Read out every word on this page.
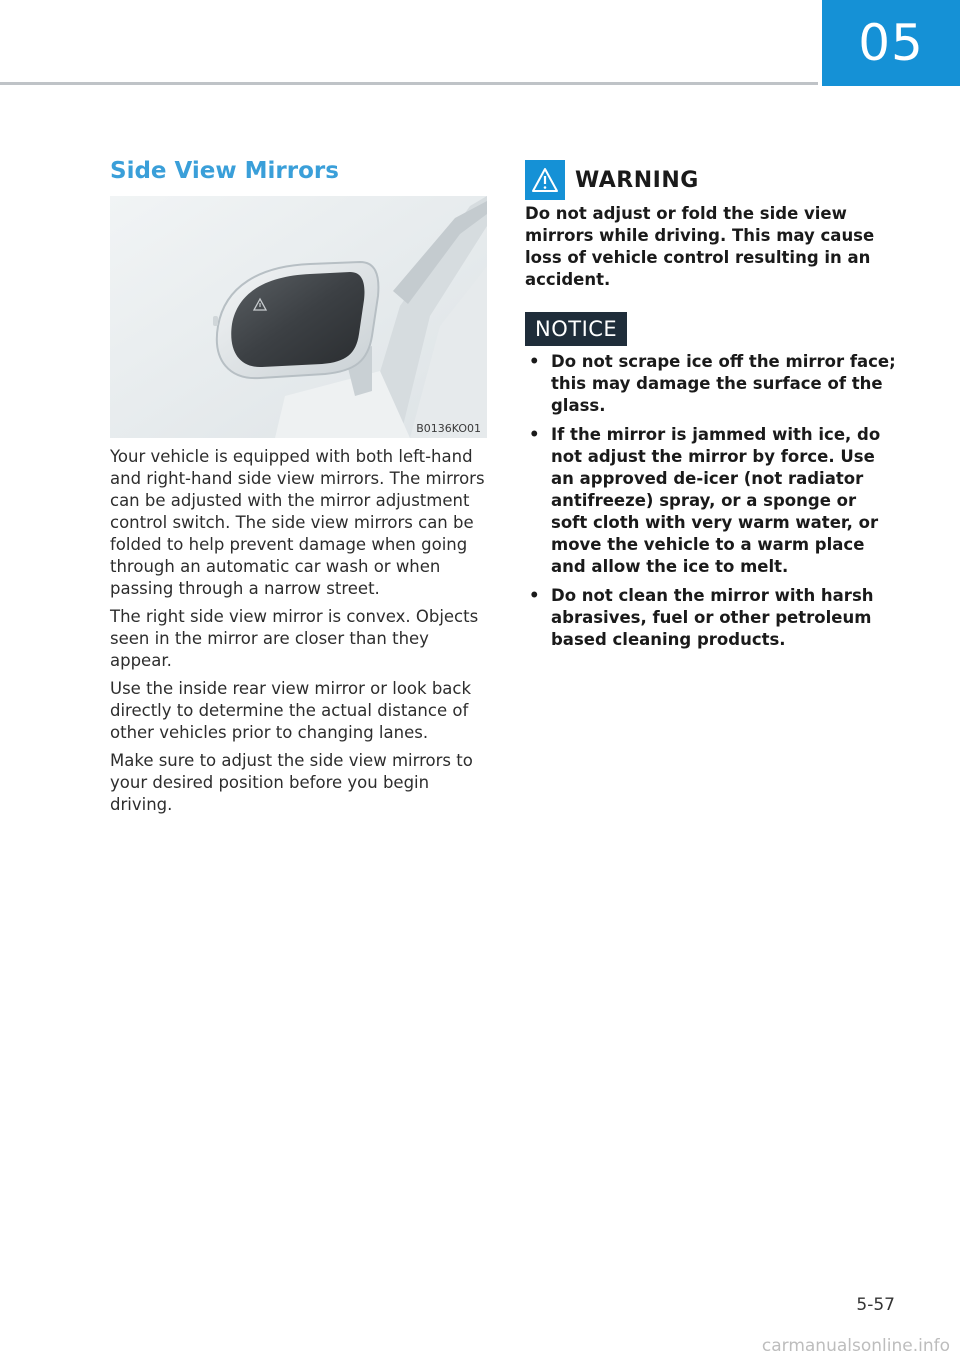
05
Side View Mirrors
B0136KO01

Your vehicle is equipped with both left-hand and right-hand side view mirrors. The mirrors can be adjusted with the mirror adjustment control switch. The side view mirrors can be folded to help prevent damage when going through an automatic car wash or when passing through a narrow street.

The right side view mirror is convex. Objects seen in the mirror are closer than they appear.

Use the inside rear view mirror or look back directly to determine the actual distance of other vehicles prior to changing lanes.

Make sure to adjust the side view mirrors to your desired position before you begin driving.

WARNING
Do not adjust or fold the side view mirrors while driving. This may cause loss of vehicle control resulting in an accident.
NOTICE
• Do not scrape ice off the mirror face; this may damage the surface of the glass.
• If the mirror is jammed with ice, do not adjust the mirror by force. Use an approved de-icer (not radiator antifreeze) spray, or a sponge or soft cloth with very warm water, or move the vehicle to a warm place and allow the ice to melt.
• Do not clean the mirror with harsh abrasives, fuel or other petroleum based cleaning products.
5-57
carmanualsonline.info
